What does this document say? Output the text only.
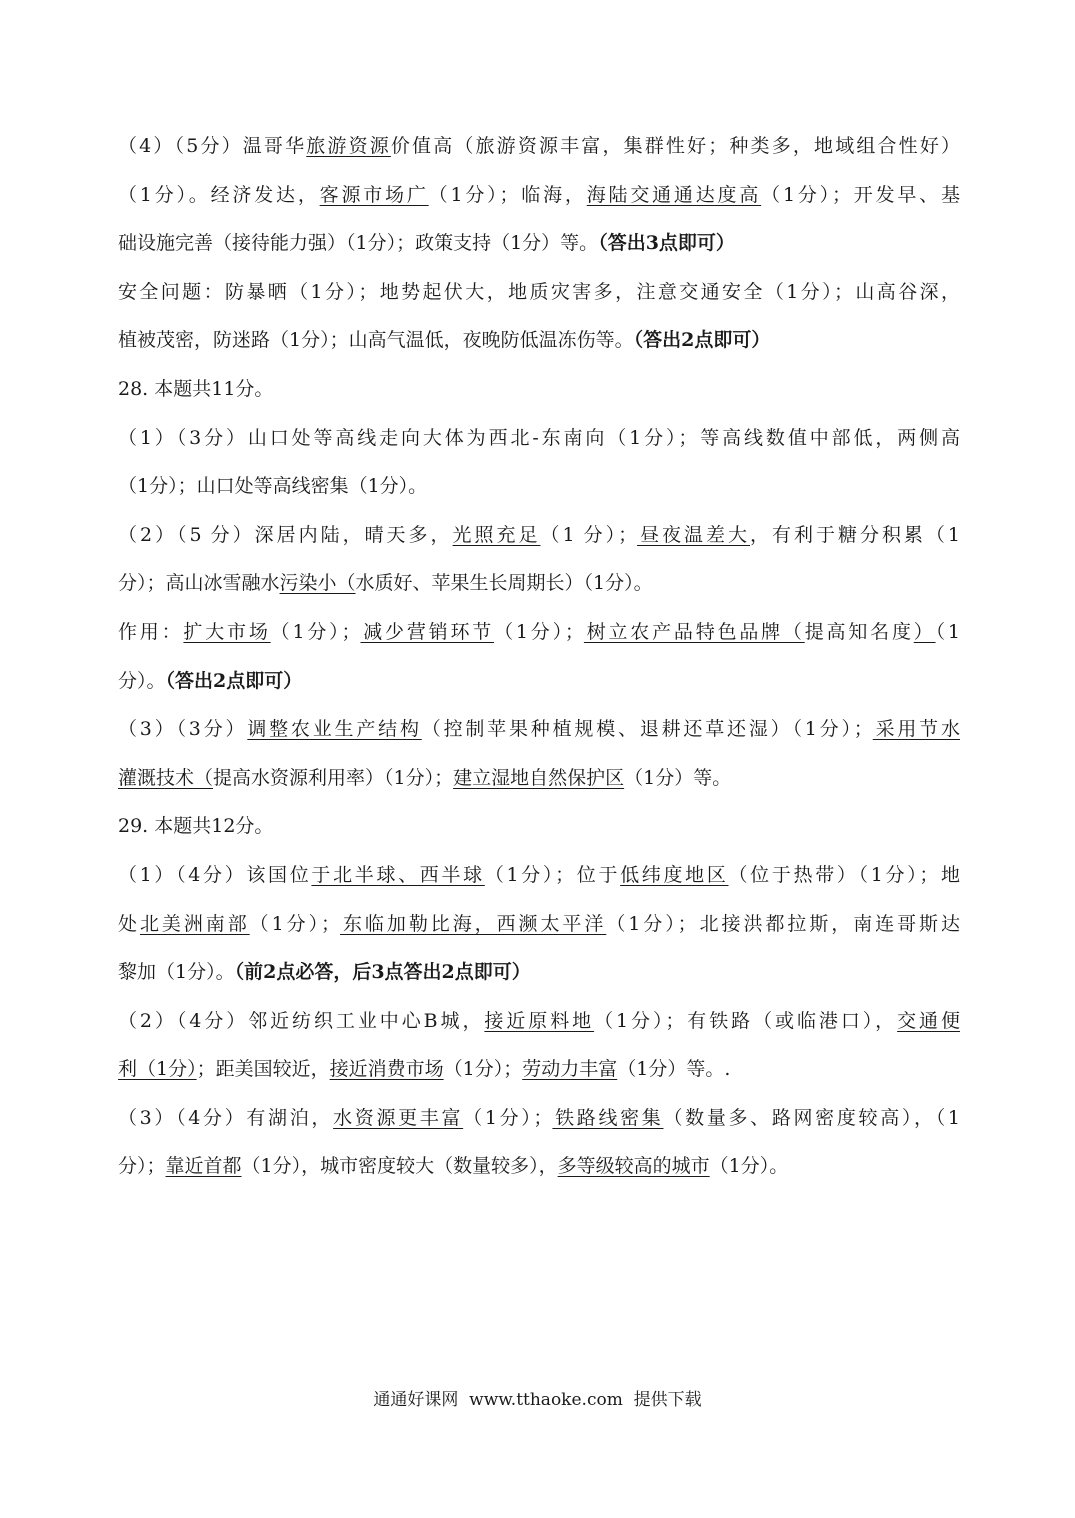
（4）（5分）温哥华旅游资源价值高（旅游资源丰富，集群性好；种类多，地域组合性好）
（1分）。经济发达，客源市场广（1分）；临海，海陆交通通达度高（1分）；开发早、基
础设施完善（接待能力强）（1分）；政策支持（1分）等。（答出3点即可）
安全问题：防暴晒（1分）；地势起伏大，地质灾害多，注意交通安全（1分）；山高谷深，
植被茂密，防迷路（1分）；山高气温低，夜晚防低温冻伤等。（答出2点即可）
28. 本题共11分。
（1）（3分）山口处等高线走向大体为西北-东南向（1分）；等高线数值中部低，两侧高
（1分）；山口处等高线密集（1分）。
（2）（5 分）深居内陆，晴天多，光照充足（1 分）；昼夜温差大，有利于糖分积累（1
分）；高山冰雪融水污染小（水质好、苹果生长周期长）（1分）。
作用：扩大市场（1分）；减少营销环节（1分）；树立农产品特色品牌（提高知名度）（1
分）。（答出2点即可）
（3）（3分）调整农业生产结构（控制苹果种植规模、退耕还草还湿）（1分）；采用节水
灌溉技术（提高水资源利用率）（1分）；建立湿地自然保护区（1分）等。
29. 本题共12分。
（1）（4分）该国位于北半球、西半球（1分）；位于低纬度地区（位于热带）（1分）；地
处北美洲南部（1分）；东临加勒比海，西濒太平洋（1分）；北接洪都拉斯，南连哥斯达
黎加（1分）。（前2点必答，后3点答出2点即可）
（2）（4分）邻近纺织工业中心B城，接近原料地（1分）；有铁路（或临港口），交通便
利（1分）；距美国较近，接近消费市场（1分）；劳动力丰富（1分）等。.
（3）（4分）有湖泊，水资源更丰富（1分）；铁路线密集（数量多、路网密度较高），（1
分）；靠近首都（1分），城市密度较大（数量较多），多等级较高的城市（1分）。
通通好课网 www.tthaoke.com 提供下载
